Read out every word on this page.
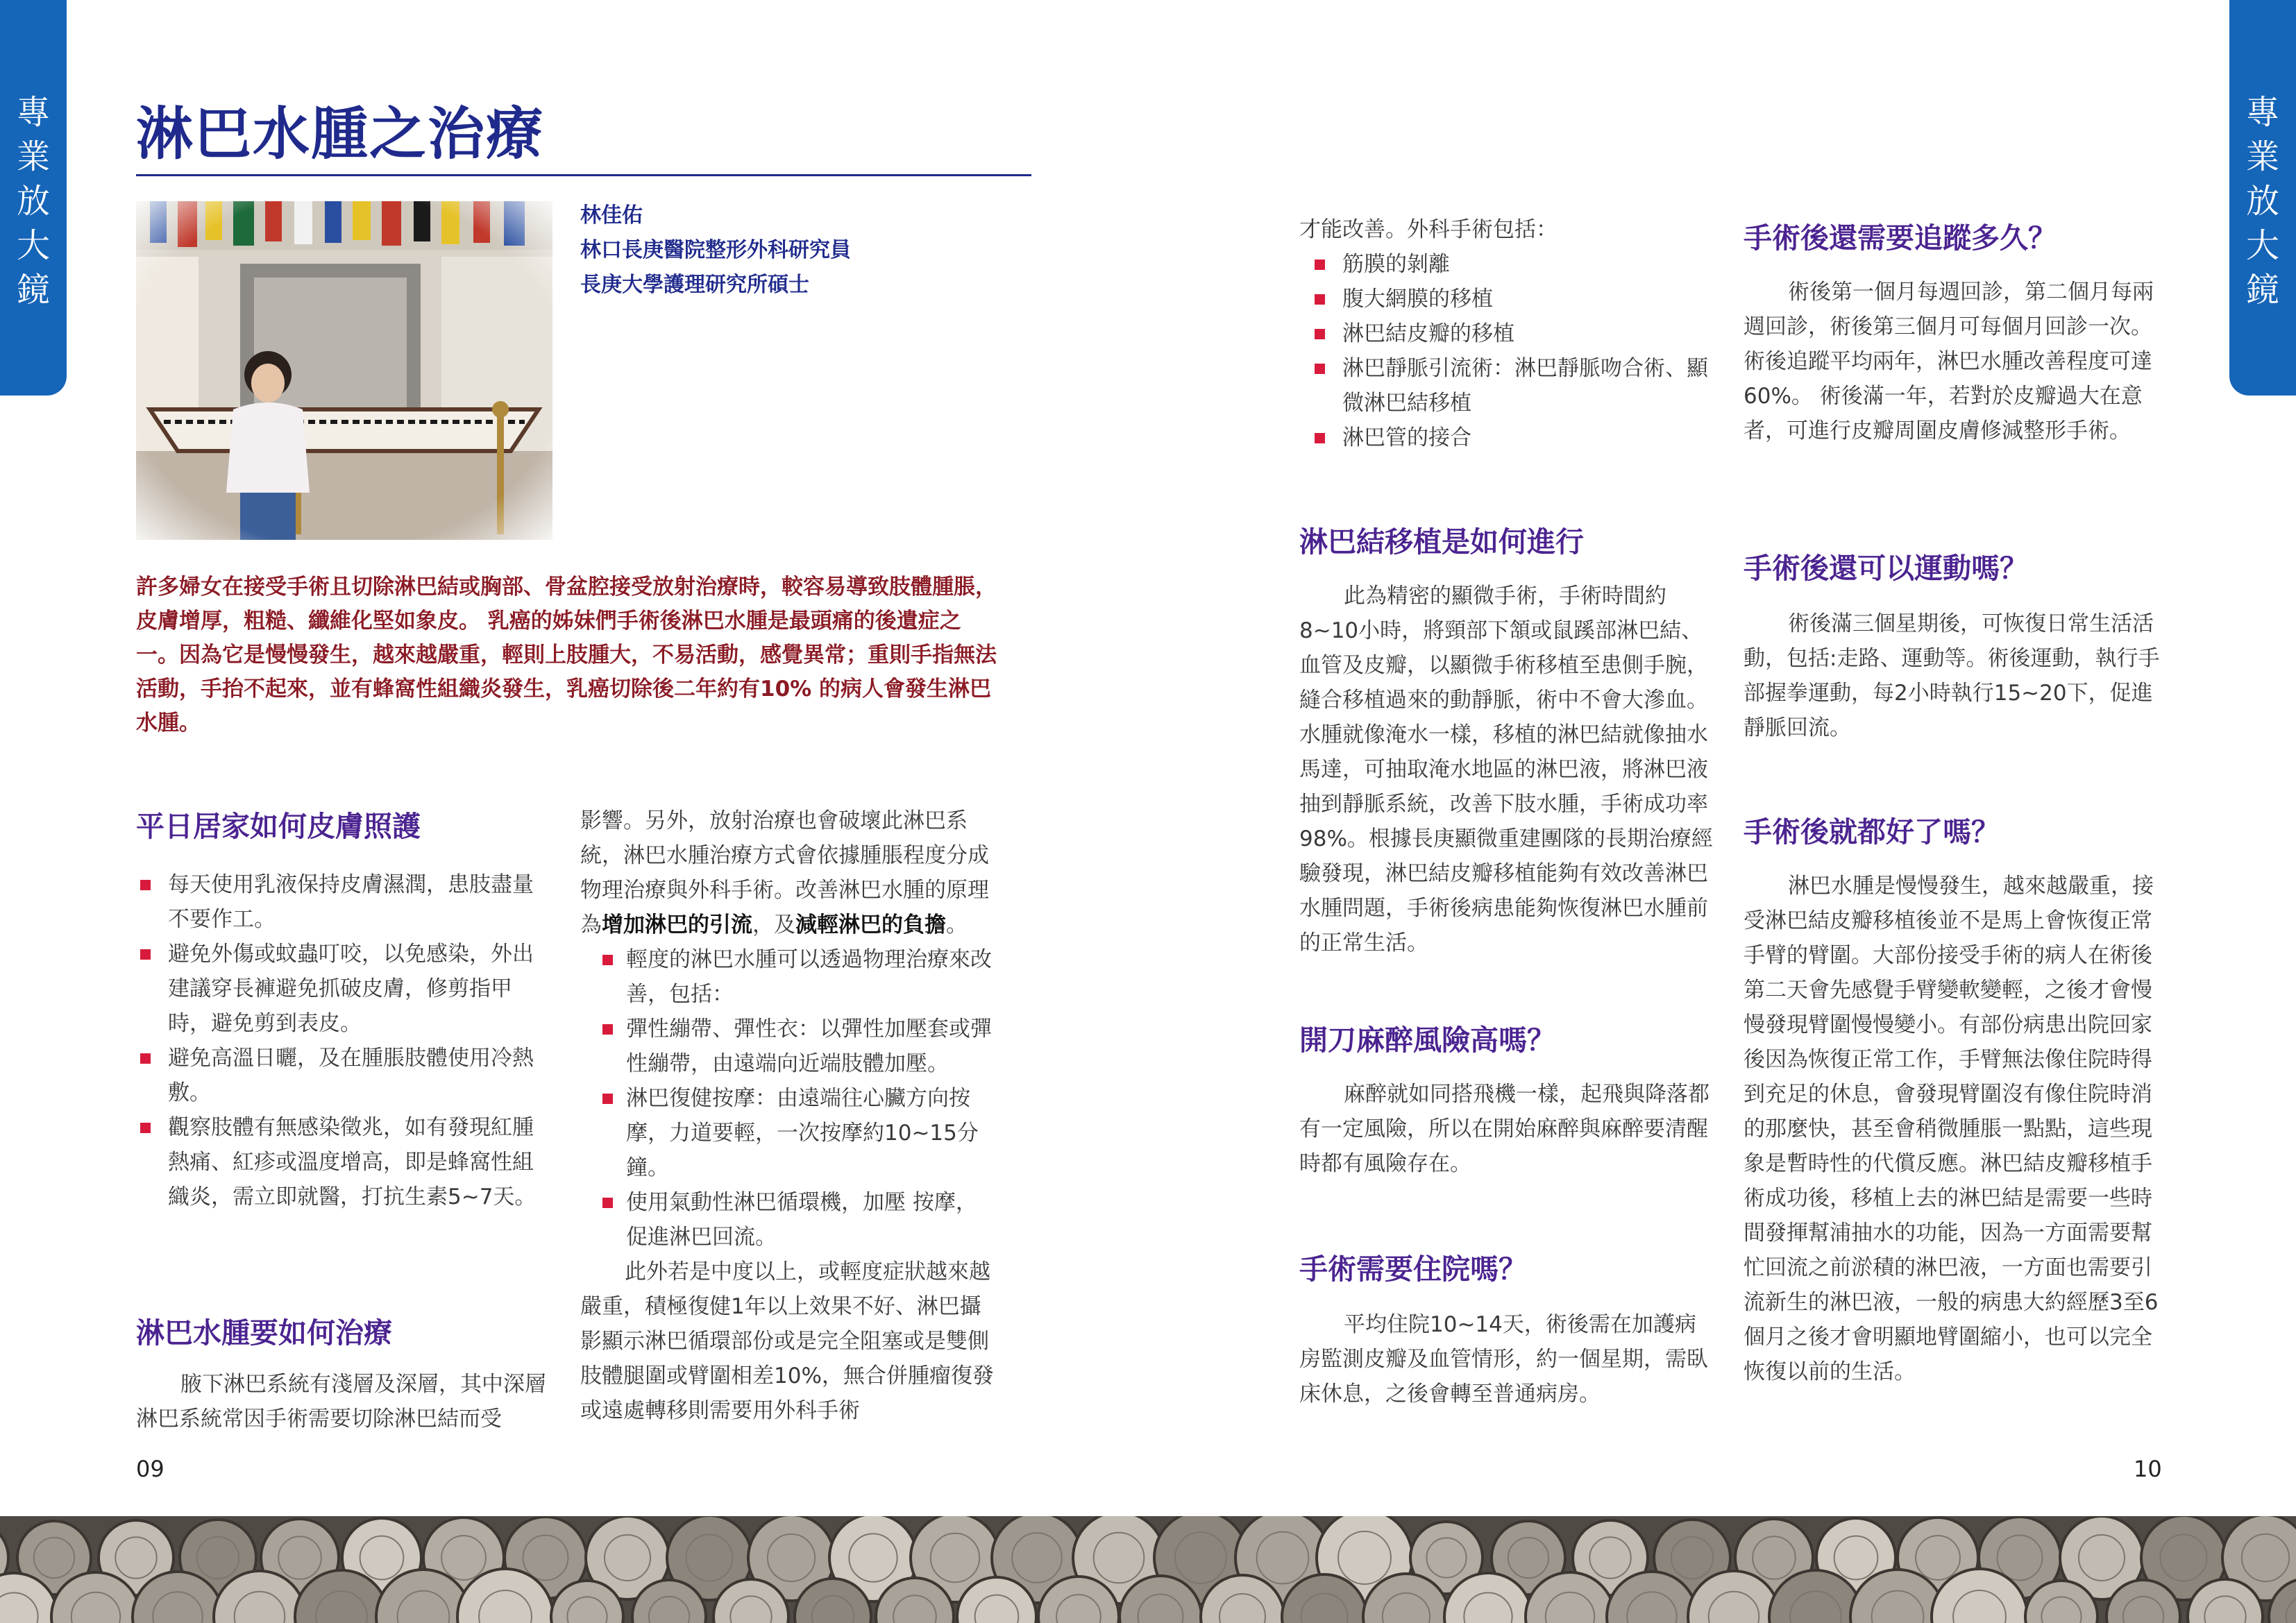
專
業
放
大
鏡
專
業
放
大
鏡
淋巴水腫之治療
林佳佑
林口長庚醫院整形外科研究員
長庚大學護理研究所碩士
許多婦女在接受手術且切除淋巴結或胸部、骨盆腔接受放射治療時，較容易導致肢體腫脹，皮膚增厚，粗糙、纖維化堅如象皮。 乳癌的姊妹們手術後淋巴水腫是最頭痛的後遺症之一。因為它是慢慢發生，越來越嚴重，輕則上肢腫大，不易活動，感覺異常；重則手指無法活動，手抬不起來，並有蜂窩性組織炎發生，乳癌切除後二年約有10% 的病人會發生淋巴水腫。
平日居家如何皮膚照護
每天使用乳液保持皮膚濕潤，患肢盡量不要作工。
避免外傷或蚊蟲叮咬，以免感染，外出建議穿長褲避免抓破皮膚，修剪指甲時，避免剪到表皮。
避免高溫日曬，及在腫脹肢體使用冷熱敷。
觀察肢體有無感染徵兆，如有發現紅腫熱痛、紅疹或溫度增高，即是蜂窩性組織炎，需立即就醫，打抗生素5~7天。
淋巴水腫要如何治療

腋下淋巴系統有淺層及深層，其中深層淋巴系統常因手術需要切除淋巴結而受

影響。另外，放射治療也會破壞此淋巴系統，淋巴水腫治療方式會依據腫脹程度分成物理治療與外科手術。改善淋巴水腫的原理為增加淋巴的引流，及減輕淋巴的負擔。

輕度的淋巴水腫可以透過物理治療來改善，包括：
彈性繃帶、彈性衣：以彈性加壓套或彈性繃帶，由遠端向近端肢體加壓。
淋巴復健按摩：由遠端往心臟方向按摩，力道要輕，一次按摩約10~15分鐘。
使用氣動性淋巴循環機，加壓 按摩，促進淋巴回流。

此外若是中度以上，或輕度症狀越來越嚴重，積極復健1年以上效果不好、淋巴攝影顯示淋巴循環部份或是完全阻塞或是雙側肢體腿圍或臂圍相差10%，無合併腫瘤復發或遠處轉移則需要用外科手術

才能改善。外科手術包括：

筋膜的剝離
腹大網膜的移植
淋巴結皮瓣的移植
淋巴靜脈引流術：淋巴靜脈吻合術、顯微淋巴結移植
淋巴管的接合
淋巴結移植是如何進行

此為精密的顯微手術，手術時間約8~10小時，將頸部下頷或鼠蹊部淋巴結、血管及皮瓣，以顯微手術移植至患側手腕，縫合移植過來的動靜脈，術中不會大滲血。水腫就像淹水一樣，移植的淋巴結就像抽水馬達，可抽取淹水地區的淋巴液，將淋巴液抽到靜脈系統，改善下肢水腫，手術成功率98%。根據長庚顯微重建團隊的長期治療經驗發現，淋巴結皮瓣移植能夠有效改善淋巴水腫問題，手術後病患能夠恢復淋巴水腫前的正常生活。

開刀麻醉風險高嗎？

麻醉就如同搭飛機一樣，起飛與降落都有一定風險，所以在開始麻醉與麻醉要清醒時都有風險存在。

手術需要住院嗎？

平均住院10~14天，術後需在加護病房監測皮瓣及血管情形，約一個星期，需臥床休息，之後會轉至普通病房。

手術後還需要追蹤多久？

術後第一個月每週回診，第二個月每兩週回診，術後第三個月可每個月回診一次。術後追蹤平均兩年，淋巴水腫改善程度可達60%。 術後滿一年，若對於皮瓣過大在意者，可進行皮瓣周圍皮膚修減整形手術。

手術後還可以運動嗎？

術後滿三個星期後，可恢復日常生活活動，包括:走路、運動等。術後運動，執行手部握拳運動，每2小時執行15~20下，促進靜脈回流。

手術後就都好了嗎？

淋巴水腫是慢慢發生，越來越嚴重，接受淋巴結皮瓣移植後並不是馬上會恢復正常手臂的臂圍。大部份接受手術的病人在術後第二天會先感覺手臂變軟變輕，之後才會慢慢發現臂圍慢慢變小。有部份病患出院回家後因為恢復正常工作，手臂無法像住院時得到充足的休息，會發現臂圍沒有像住院時消的那麼快，甚至會稍微腫脹一點點，這些現象是暫時性的代償反應。淋巴結皮瓣移植手術成功後，移植上去的淋巴結是需要一些時間發揮幫浦抽水的功能，因為一方面需要幫忙回流之前淤積的淋巴液，一方面也需要引流新生的淋巴液，一般的病患大約經歷3至6個月之後才會明顯地臂圍縮小，也可以完全恢復以前的生活。

09	10
